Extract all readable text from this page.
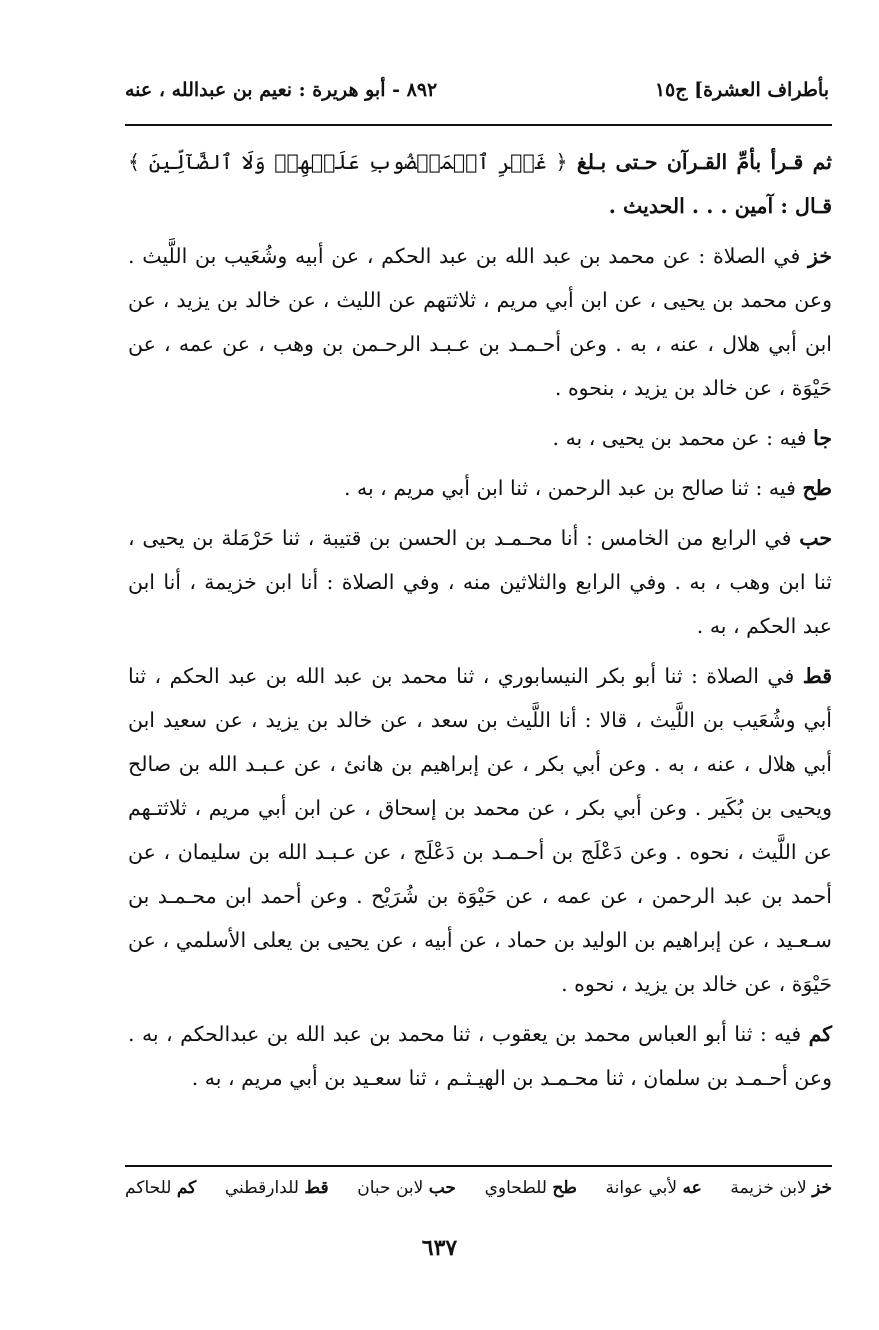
بأطراف العشرة] ج١٥
٨٩٢ - أبو هريرة : نعيم بن عبدالله ، عنه

ثم قـرأ بأمِّ القـرآن حـتى بـلغ ﴿ غَيۡرِ ٱلۡمَغۡضُوبِ عَلَيۡهِمۡ وَلَا ٱلضَّآلِّينَ ﴾ قـال : آمين . . . الحديث .

خز في الصلاة : عن محمد بن عبد الله بن عبد الحكم ، عن أبيه وشُعَيب بن اللَّيث . وعن محمد بن يحيى ، عن ابن أبي مريم ، ثلاثتهم عن الليث ، عن خالد بن يزيد ، عن ابن أبي هلال ، عنه ، به . وعن أحـمـد بن عـبـد الرحـمن بن وهب ، عن عمه ، عن حَيْوَة ، عن خالد بن يزيد ، بنحوه .

جا فيه : عن محمد بن يحيى ، به .

طح فيه : ثنا صالح بن عبد الرحمن ، ثنا ابن أبي مريم ، به .

حب في الرابع من الخامس : أنا محـمـد بن الحسن بن قتيبة ، ثنا حَرْمَلة بن يحيى ، ثنا ابن وهب ، به . وفي الرابع والثلاثين منه ، وفي الصلاة : أنا ابن خزيمة ، أنا ابن عبد الحكم ، به .

قط في الصلاة : ثنا أبو بكر النيسابوري ، ثنا محمد بن عبد الله بن عبد الحكم ، ثنا أبي وشُعَيب بن اللَّيث ، قالا : أنا اللَّيث بن سعد ، عن خالد بن يزيد ، عن سعيد ابن أبي هلال ، عنه ، به . وعن أبي بكر ، عن إبراهيم بن هانئ ، عن عـبـد الله بن صالح ويحيى بن بُكَير . وعن أبي بكر ، عن محمد بن إسحاق ، عن ابن أبي مريم ، ثلاثتـهم عن اللَّيث ، نحوه . وعن دَعْلَج بن أحـمـد بن دَعْلَج ، عن عـبـد الله بن سليمان ، عن أحمد بن عبد الرحمن ، عن عمه ، عن حَيْوَة بن شُرَيْح . وعن أحمد ابن محـمـد بن سـعـيد ، عن إبراهيم بن الوليد بن حماد ، عن أبيه ، عن يحيى بن يعلى الأسلمي ، عن حَيْوَة ، عن خالد بن يزيد ، نحوه .

كم فيه : ثنا أبو العباس محمد بن يعقوب ، ثنا محمد بن عبد الله بن عبدالحكم ، به . وعن أحـمـد بن سلمان ، ثنا محـمـد بن الهيـثـم ، ثنا سعـيد بن أبي مريم ، به .

خز لابن خزيمة
عه لأبي عوانة
طح للطحاوي
حب لابن حبان
قط للدارقطني
كم للحاكم
٦٣٧
